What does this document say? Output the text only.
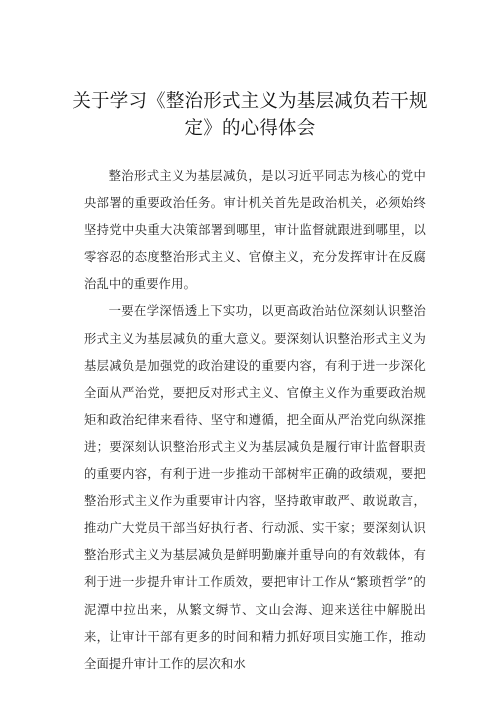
关于学习《整治形式主义为基层减负若干规定》的心得体会

整治形式主义为基层减负，是以习近平同志为核心的党中央部署的重要政治任务。审计机关首先是政治机关，必须始终坚持党中央重大决策部署到哪里，审计监督就跟进到哪里，以零容忍的态度整治形式主义、官僚主义，充分发挥审计在反腐治乱中的重要作用。

一要在学深悟透上下实功，以更高政治站位深刻认识整治形式主义为基层减负的重大意义。要深刻认识整治形式主义为基层减负是加强党的政治建设的重要内容，有利于进一步深化全面从严治党，要把反对形式主义、官僚主义作为重要政治规矩和政治纪律来看待、坚守和遵循，把全面从严治党向纵深推进；要深刻认识整治形式主义为基层减负是履行审计监督职责的重要内容，有利于进一步推动干部树牢正确的政绩观，要把整治形式主义作为重要审计内容，坚持敢审敢严、敢说敢言，推动广大党员干部当好执行者、行动派、实干家；要深刻认识整治形式主义为基层减负是鲜明勤廉并重导向的有效载体，有利于进一步提升审计工作质效，要把审计工作从“繁琐哲学”的泥潭中拉出来，从繁文缛节、文山会海、迎来送往中解脱出来，让审计干部有更多的时间和精力抓好项目实施工作，推动全面提升审计工作的层次和水
